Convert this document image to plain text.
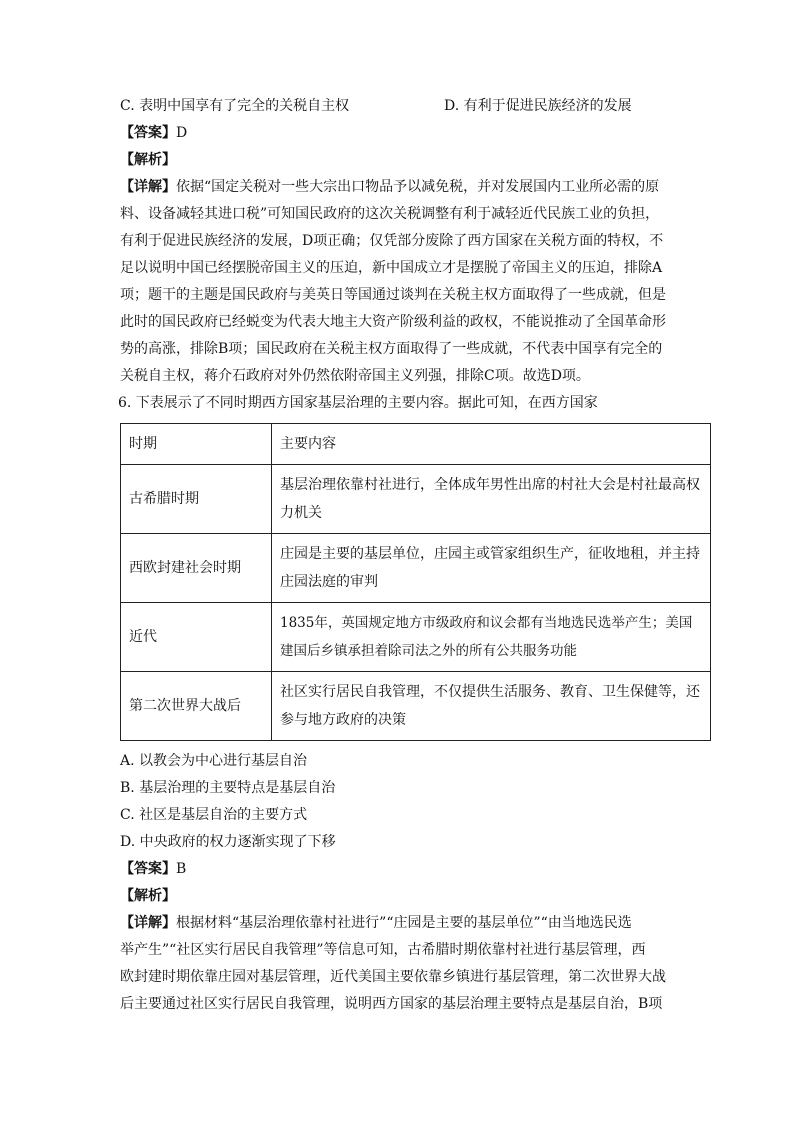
C. 表明中国享有了完全的关税自主权	D. 有利于促进民族经济的发展
【答案】D
【解析】
【详解】依据“国定关税对一些大宗出口物品予以减免税，并对发展国内工业所必需的原
料、设备减轻其进口税”可知国民政府的这次关税调整有利于减轻近代民族工业的负担，
有利于促进民族经济的发展，D项正确；仅凭部分废除了西方国家在关税方面的特权，不
足以说明中国已经摆脱帝国主义的压迫，新中国成立才是摆脱了帝国主义的压迫，排除A
项；题干的主题是国民政府与美英日等国通过谈判在关税主权方面取得了一些成就，但是
此时的国民政府已经蜕变为代表大地主大资产阶级利益的政权，不能说推动了全国革命形
势的高涨，排除B项；国民政府在关税主权方面取得了一些成就，不代表中国享有完全的
关税自主权，蒋介石政府对外仍然依附帝国主义列强，排除C项。故选D项。
6. 下表展示了不同时期西方国家基层治理的主要内容。据此可知，在西方国家
时期	主要内容
古希腊时期	基层治理依靠村社进行，全体成年男性出席的村社大会是村社最高权
力机关

西欧封建社会时期	庄园是主要的基层单位，庄园主或管家组织生产，征收地租，并主持
庄园法庭的审判

近代	1835年，英国规定地方市级政府和议会都有当地选民选举产生；美国
建国后乡镇承担着除司法之外的所有公共服务功能

第二次世界大战后	社区实行居民自我管理，不仅提供生活服务、教育、卫生保健等，还
参与地方政府的决策
A. 以教会为中心进行基层自治
B. 基层治理的主要特点是基层自治
C. 社区是基层自治的主要方式
D. 中央政府的权力逐渐实现了下移
【答案】B
【解析】
【详解】根据材料“基层治理依靠村社进行”“庄园是主要的基层单位”“由当地选民选
举产生”“社区实行居民自我管理”等信息可知，古希腊时期依靠村社进行基层管理，西
欧封建时期依靠庄园对基层管理，近代美国主要依靠乡镇进行基层管理，第二次世界大战
后主要通过社区实行居民自我管理，说明西方国家的基层治理主要特点是基层自治，B项
